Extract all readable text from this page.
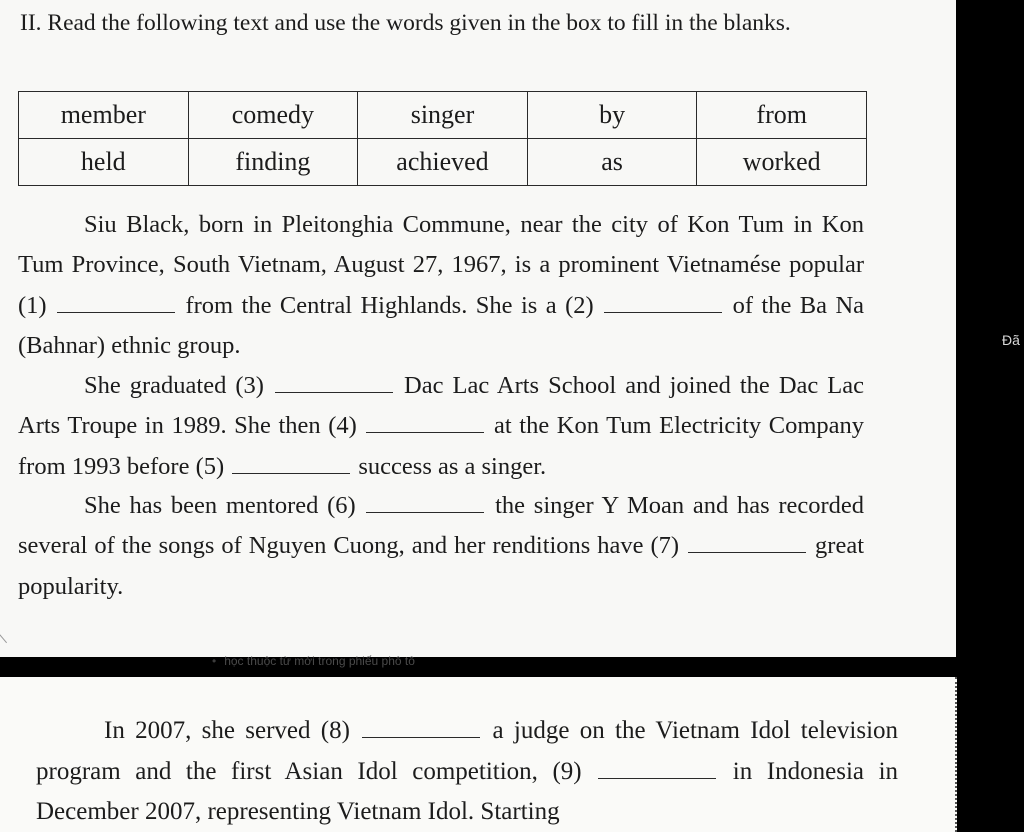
II. Read the following text and use the words given in the box to fill in the blanks.

member	comedy	singer	by	from
held	finding	achieved	as	worked

Siu Black, born in Pleitonghia Commune, near the city of Kon Tum in Kon Tum Province, South Vietnam, August 27, 1967, is a prominent Vietnamése popular (1)	from the Central Highlands. She is a (2)	of the Ba Na (Bahnar) ethnic group.

She graduated (3)	Dac Lac Arts School and joined the Dac Lac Arts Troupe in 1989. She then (4)	at the Kon Tum Electricity Company from 1993 before (5)	success as a singer.

She has been mentored (6)	the singer Y Moan and has recorded several of the songs of Nguyen Cuong, and her renditions have (7)	great popularity.

Đã
• học thuộc từ mới trong phiếu phô tô

In 2007, she served (8)	a judge on the Vietnam Idol television program and the first Asian Idol competition, (9)	in Indonesia in December 2007, representing Vietnam Idol. Starting
